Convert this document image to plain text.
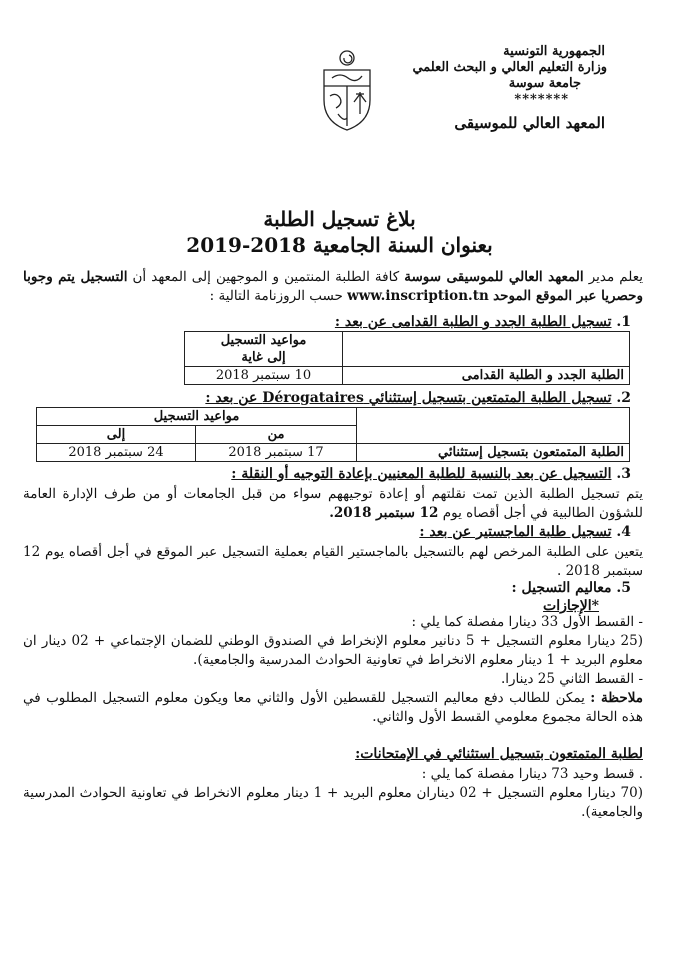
الجمهورية التونسية
وزارة التعليم العالي و البحث العلمي
جامعة سوسة
*******
المعهد العالي للموسيقى
بلاغ تسجيل الطلبة
بعنوان السنة الجامعية 2018-2019
يعلم مدير المعهد العالي للموسيقى سوسة كافة الطلبة المنتمين و الموجهين إلى المعهد أن التسجيل يتم وجوبا وحصريا عبر الموقع الموحد www.inscription.tn حسب الروزنامة التالية :
1. تسجيل الطلبة الجدد و الطلبة القدامى عن بعد :

	مواعيد التسجيل
إلى غاية

الطلبة الجدد و الطلبة القدامى	10 سبتمبر 2018
2. تسجيل الطلبة المتمتعين بتسجيل إستثنائي Dérogataires عن بعد :
	مواعيد التسجيل	
	من	إلى
الطلبة المتمتعون بتسجيل إستثنائي	17 سبتمبر 2018	24 سبتمبر 2018
3. التسجيل عن بعد بالنسبة للطلبة المعنيين بإعادة التوجيه أو النقلة :
يتم تسجيل الطلبة الذين تمت نقلتهم أو إعادة توجيههم سواء من قبل الجامعات أو من طرف الإدارة العامة للشؤون الطالبية في أجل أقصاه يوم 12 سبتمبر 2018.
4. تسجيل طلبة الماجستير عن بعد :
يتعين على الطلبة المرخص لهم بالتسجيل بالماجستير القيام بعملية التسجيل عبر الموقع في أجل أقصاه يوم 12 سبتمبر 2018 .
5. معاليم التسجيل :
*الإجازات
- القسط الأول 33 دينارا مفصلة كما يلي :
(25 دينارا معلوم التسجيل + 5 دنانير معلوم الإنخراط في الصندوق الوطني للضمان الإجتماعي + 02 دينار ان معلوم البريد + 1 دينار معلوم الانخراط في تعاونية الحوادث المدرسية والجامعية).
- القسط الثاني 25 دينارا.
ملاحظة : يمكن للطالب دفع معاليم التسجيل للقسطين الأول والثاني معا ويكون معلوم التسجيل المطلوب في هذه الحالة مجموع معلومي القسط الأول والثاني.
لطلبة المتمتعون بتسجيل استثنائي في الإمتحانات:
. قسط وحيد 73 دينارا مفصلة كما يلي :
(70 دينارا معلوم التسجيل + 02 ديناران معلوم البريد + 1 دينار معلوم الانخراط في تعاونية الحوادث المدرسية والجامعية).
